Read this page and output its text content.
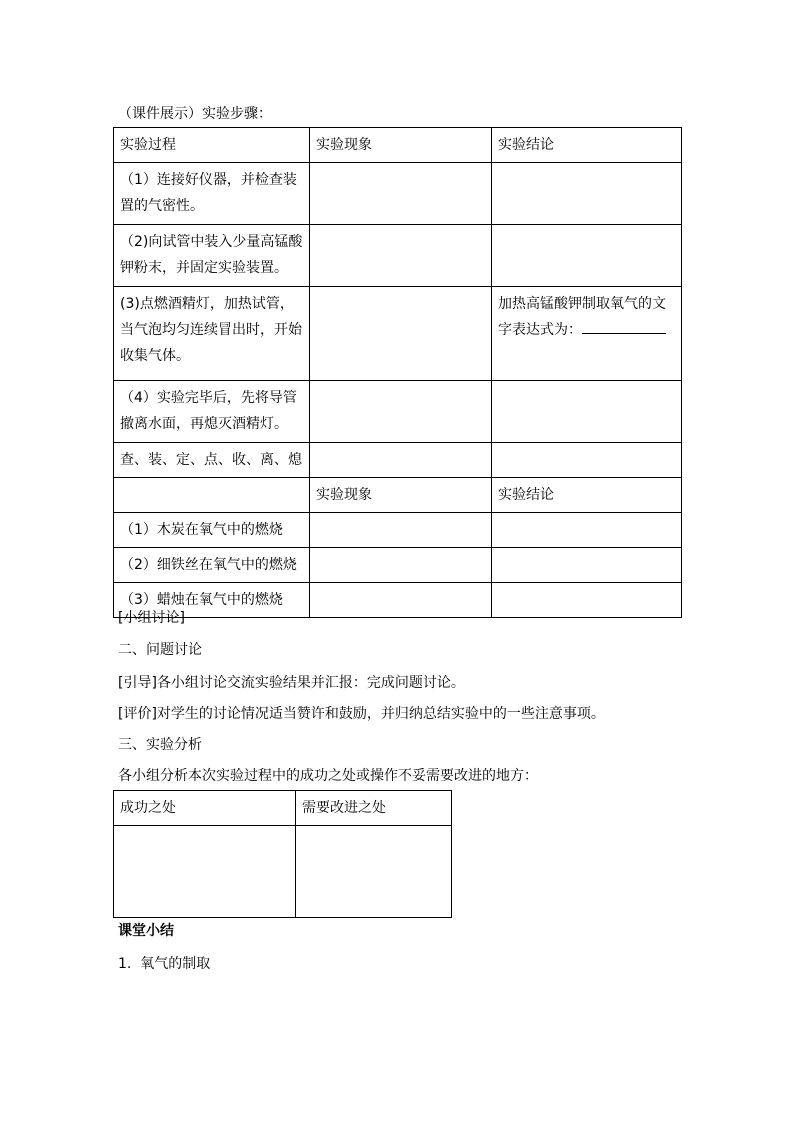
（课件展示）实验步骤：
实验过程	实验现象	实验结论
（1）连接好仪器，并检查装置的气密性。		
（2)向试管中装入少量高锰酸钾粉末，并固定实验装置。		
(3)点燃酒精灯，加热试管，当气泡均匀连续冒出时，开始收集气体。		加热高锰酸钾制取氧气的文字表达式为：
（4）实验完毕后，先将导管撤离水面，再熄灭酒精灯。		
查、装、定、点、收、离、熄		
	实验现象	实验结论
（1）木炭在氧气中的燃烧		
（2）细铁丝在氧气中的燃烧		
（3）蜡烛在氧气中的燃烧		
[小组讨论]
二、问题讨论
[引导]各小组讨论交流实验结果并汇报：完成问题讨论。
[评价]对学生的讨论情况适当赞许和鼓励，并归纳总结实验中的一些注意事项。
三、实验分析
各小组分析本次实验过程中的成功之处或操作不妥需要改进的地方：
成功之处	需要改进之处

课堂小结
1. 氧气的制取
